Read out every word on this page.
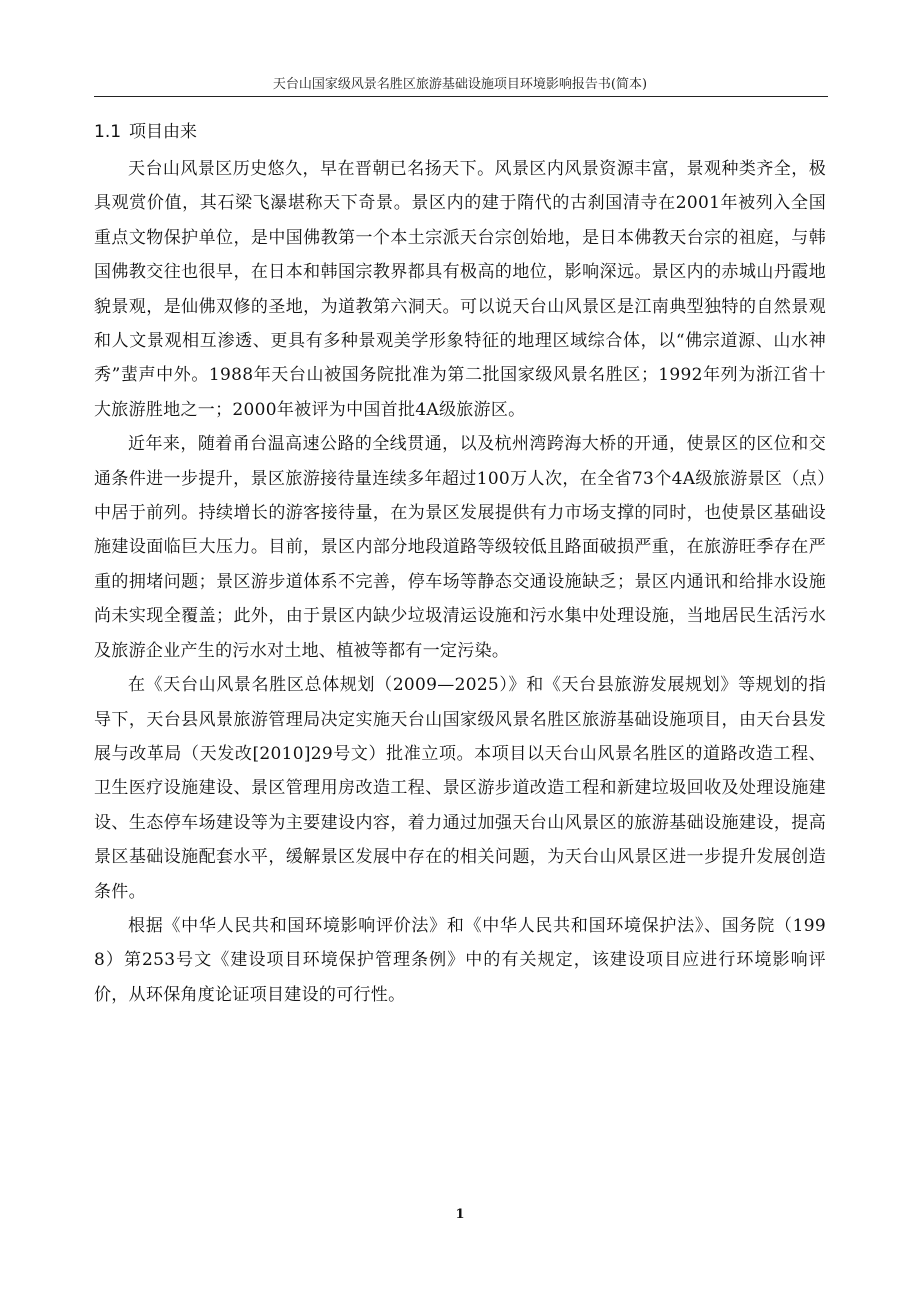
天台山国家级风景名胜区旅游基础设施项目环境影响报告书(简本)
1.1 项目由来

天台山风景区历史悠久，早在晋朝已名扬天下。风景区内风景资源丰富，景观种类齐全，极具观赏价值，其石梁飞瀑堪称天下奇景。景区内的建于隋代的古刹国清寺在2001年被列入全国重点文物保护单位，是中国佛教第一个本土宗派天台宗创始地，是日本佛教天台宗的祖庭，与韩国佛教交往也很早，在日本和韩国宗教界都具有极高的地位，影响深远。景区内的赤城山丹霞地貌景观，是仙佛双修的圣地，为道教第六洞天。可以说天台山风景区是江南典型独特的自然景观和人文景观相互渗透、更具有多种景观美学形象特征的地理区域综合体，以“佛宗道源、山水神秀”蜚声中外。1988年天台山被国务院批准为第二批国家级风景名胜区；1992年列为浙江省十大旅游胜地之一；2000年被评为中国首批4A级旅游区。

近年来，随着甬台温高速公路的全线贯通，以及杭州湾跨海大桥的开通，使景区的区位和交通条件进一步提升，景区旅游接待量连续多年超过100万人次，在全省73个4A级旅游景区（点）中居于前列。持续增长的游客接待量，在为景区发展提供有力市场支撑的同时，也使景区基础设施建设面临巨大压力。目前，景区内部分地段道路等级较低且路面破损严重，在旅游旺季存在严重的拥堵问题；景区游步道体系不完善，停车场等静态交通设施缺乏；景区内通讯和给排水设施尚未实现全覆盖；此外，由于景区内缺少垃圾清运设施和污水集中处理设施，当地居民生活污水及旅游企业产生的污水对土地、植被等都有一定污染。

在《天台山风景名胜区总体规划（2009—2025）》和《天台县旅游发展规划》等规划的指导下，天台县风景旅游管理局决定实施天台山国家级风景名胜区旅游基础设施项目，由天台县发展与改革局（天发改[2010]29号文）批准立项。本项目以天台山风景名胜区的道路改造工程、卫生医疗设施建设、景区管理用房改造工程、景区游步道改造工程和新建垃圾回收及处理设施建设、生态停车场建设等为主要建设内容，着力通过加强天台山风景区的旅游基础设施建设，提高景区基础设施配套水平，缓解景区发展中存在的相关问题，为天台山风景区进一步提升发展创造条件。

根据《中华人民共和国环境影响评价法》和《中华人民共和国环境保护法》、国务院（1998）第253号文《建设项目环境保护管理条例》中的有关规定，该建设项目应进行环境影响评价，从环保角度论证项目建设的可行性。

1
